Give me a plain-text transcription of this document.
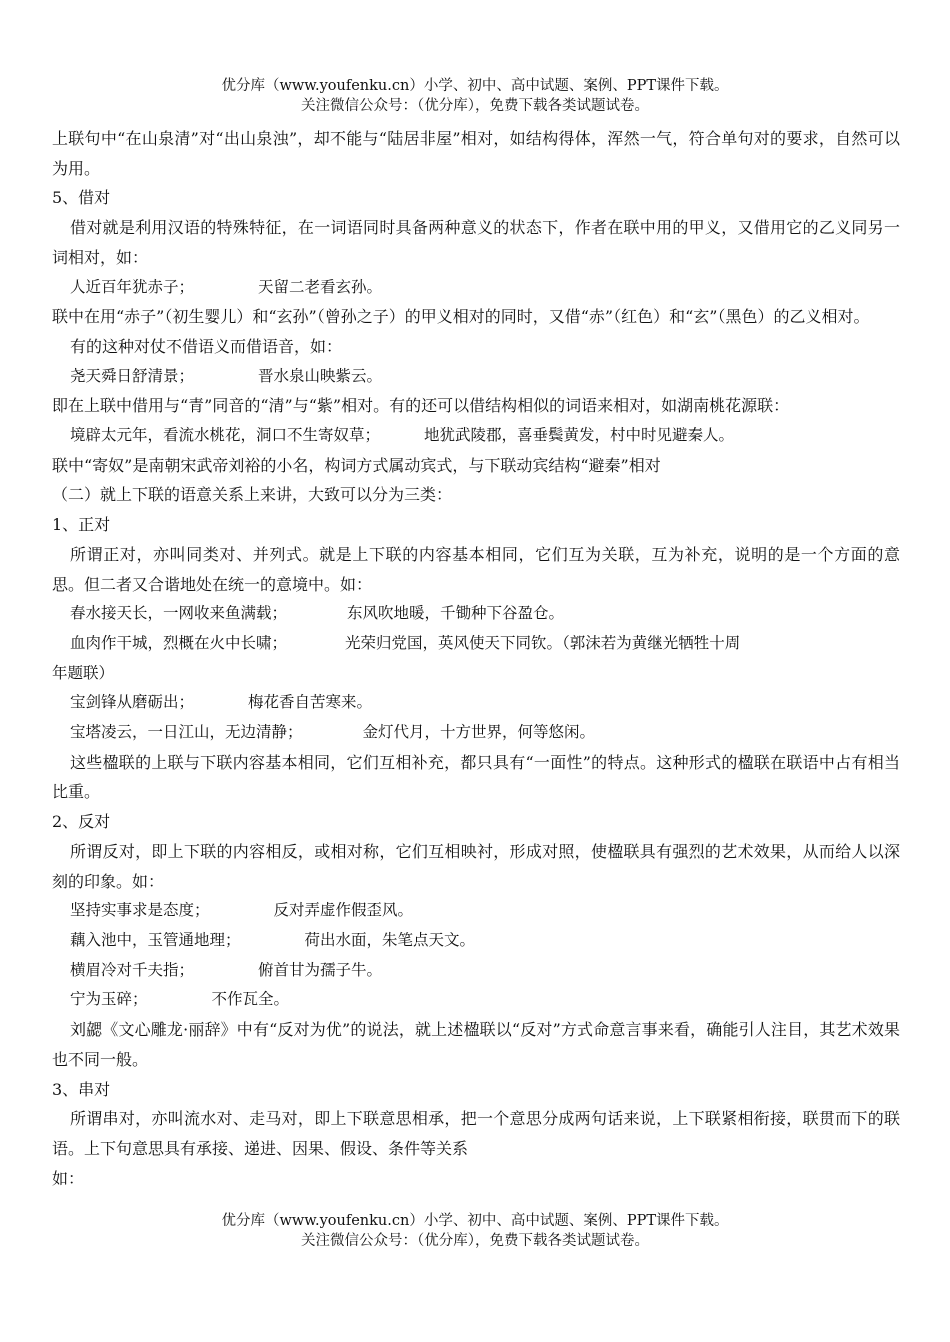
优分库（www.youfenku.cn）小学、初中、高中试题、案例、PPT课件下载。
关注微信公众号：（优分库），免费下载各类试题试卷。

上联句中“在山泉清”对“出山泉浊”，却不能与“陆居非屋”相对，如结构得体，浑然一气，符合单句对的要求，自然可以为用。

5、借对

借对就是利用汉语的特殊特征，在一词语同时具备两种意义的状态下，作者在联中用的甲义，又借用它的乙义同另一词相对，如：

人近百年犹赤子；	天留二老看玄孙。

联中在用“赤子”（初生婴儿）和“玄孙”（曾孙之子）的甲义相对的同时，又借“赤”（红色）和“玄”（黑色）的乙义相对。

有的这种对仗不借语义而借语音，如：

尧天舜日舒清景；	晋水泉山映紫云。

即在上联中借用与“青”同音的“清”与“紫”相对。有的还可以借结构相似的词语来相对，如湖南桃花源联：

境辟太元年，看流水桃花，洞口不生寄奴草；	地犹武陵郡，喜垂鬓黄发，村中时见避秦人。

联中“寄奴”是南朝宋武帝刘裕的小名，构词方式属动宾式，与下联动宾结构“避秦”相对

（二）就上下联的语意关系上来讲，大致可以分为三类：

1、正对

所谓正对，亦叫同类对、并列式。就是上下联的内容基本相同，它们互为关联，互为补充，说明的是一个方面的意思。但二者又合谐地处在统一的意境中。如：

春水接天长，一网收来鱼满载；	东风吹地暖，千锄种下谷盈仓。
血肉作干城，烈概在火中长啸；	光荣归党国，英风使天下同钦。（郭沫若为黄继光牺牲十周
年题联）
宝剑锋从磨砺出；	梅花香自苦寒来。
宝塔凌云，一日江山，无边清静；	金灯代月，十方世界，何等悠闲。

这些楹联的上联与下联内容基本相同，它们互相补充，都只具有“一面性”的特点。这种形式的楹联在联语中占有相当比重。

2、反对

所谓反对，即上下联的内容相反，或相对称，它们互相映衬，形成对照，使楹联具有强烈的艺术效果，从而给人以深刻的印象。如：

坚持实事求是态度；	反对弄虚作假歪风。
藕入池中，玉管通地理；	荷出水面，朱笔点天文。
横眉冷对千夫指；	俯首甘为孺子牛。
宁为玉碎；	不作瓦全。

刘勰《文心雕龙·丽辞》中有“反对为优”的说法，就上述楹联以“反对”方式命意言事来看，确能引人注目，其艺术效果也不同一般。

3、串对

所谓串对，亦叫流水对、走马对，即上下联意思相承，把一个意思分成两句话来说，上下联紧相衔接，联贯而下的联语。上下句意思具有承接、递进、因果、假设、条件等关系

如：

优分库（www.youfenku.cn）小学、初中、高中试题、案例、PPT课件下载。
关注微信公众号：（优分库），免费下载各类试题试卷。
